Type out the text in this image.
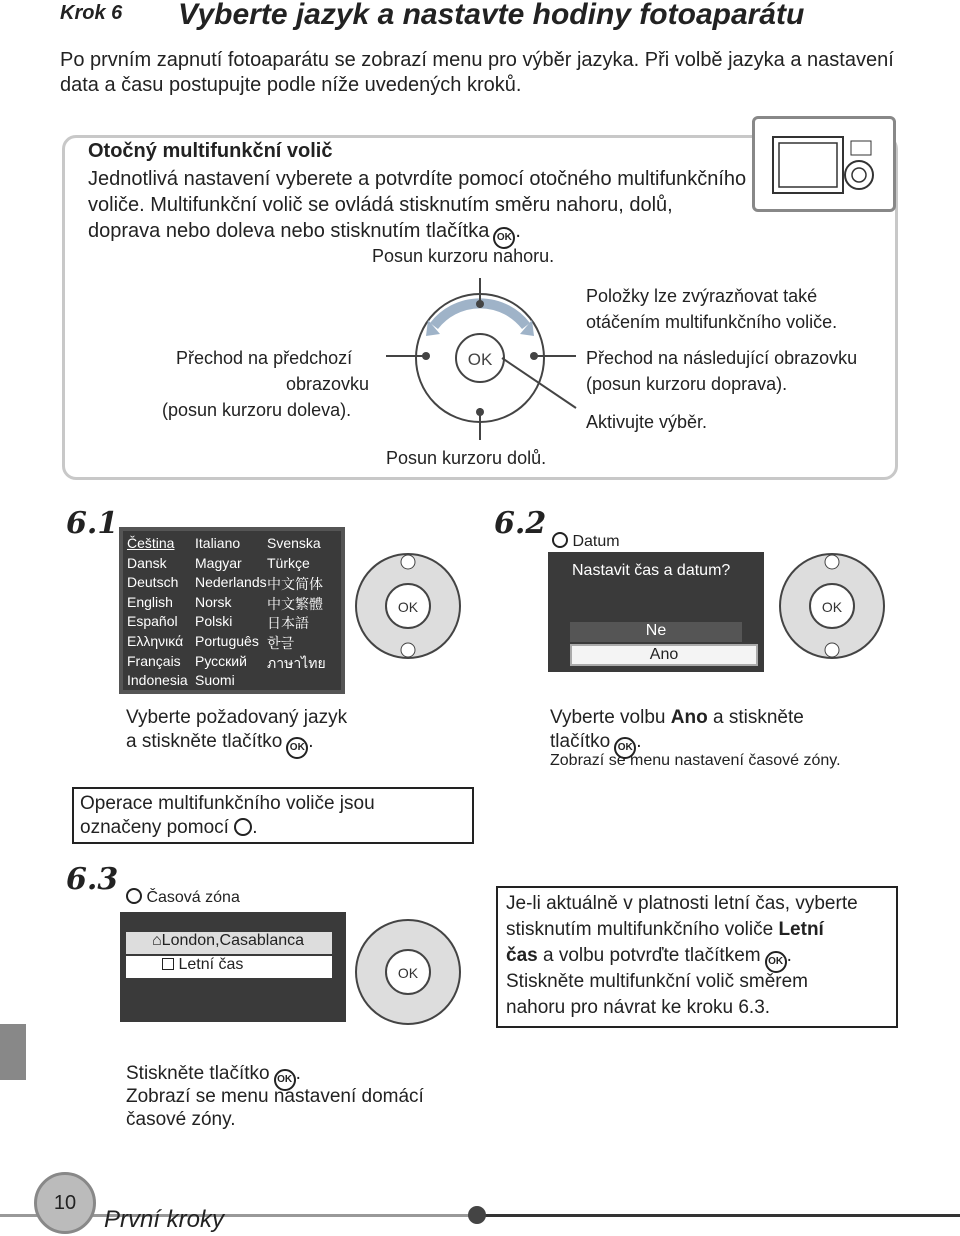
Krok 6 Vyberte jazyk a nastavte hodiny fotoaparátu
Po prvním zapnutí fotoaparátu se zobrazí menu pro výběr jazyka. Při volbě jazyka a nastavení data a času postupujte podle níže uvedených kroků.
Otočný multifunkční volič
Jednotlivá nastavení vyberete a potvrdíte pomocí otočného multifunkčního voliče. Multifunkční volič se ovládá stisknutím směru nahoru, dolů, doprava nebo doleva nebo stisknutím tlačítka OK .
Posun kurzoru nahoru.
Položky lze zvýrazňovat také
otáčením multifunkčního voliče.
Přechod na předchozí
obrazovku
(posun kurzoru doleva).
Přechod na následující obrazovku
(posun kurzoru doprava).
Aktivujte výběr.
Posun kurzoru dolů.
OK
6.1
Čeština Italiano Svenska
Dansk Magyar Türkçe
Deutsch Nederlands 中文简体
English Norsk	中文繁體
Español Polski 日本語
Ελληνικά Português 한글
Français Русский ภาษาไทย
Indonesia Suomi
OK
Vyberte požadovaný jazyk
a stiskněte tlačítko OK .
Operace multifunkčního voliče jsou
označeny pomocí .
6.2
Datum
Nastavit čas a datum?
Ne
Ano
OK
Vyberte volbu Ano a stiskněte
tlačítko OK .
Zobrazí se menu nastavení časové zóny.
6.3
Časová zóna
⌂London,Casablanca
Letní čas	OK
Je-li aktuálně v platnosti letní čas, vyberte
stisknutím multifunkčního voliče Letní
čas a volbu potvrďte tlačítkem OK .
Stiskněte multifunkční volič směrem
nahoru pro návrat ke kroku 6.3.
Stiskněte tlačítko OK .
Zobrazí se menu nastavení domácí
časové zóny.
10
První kroky
